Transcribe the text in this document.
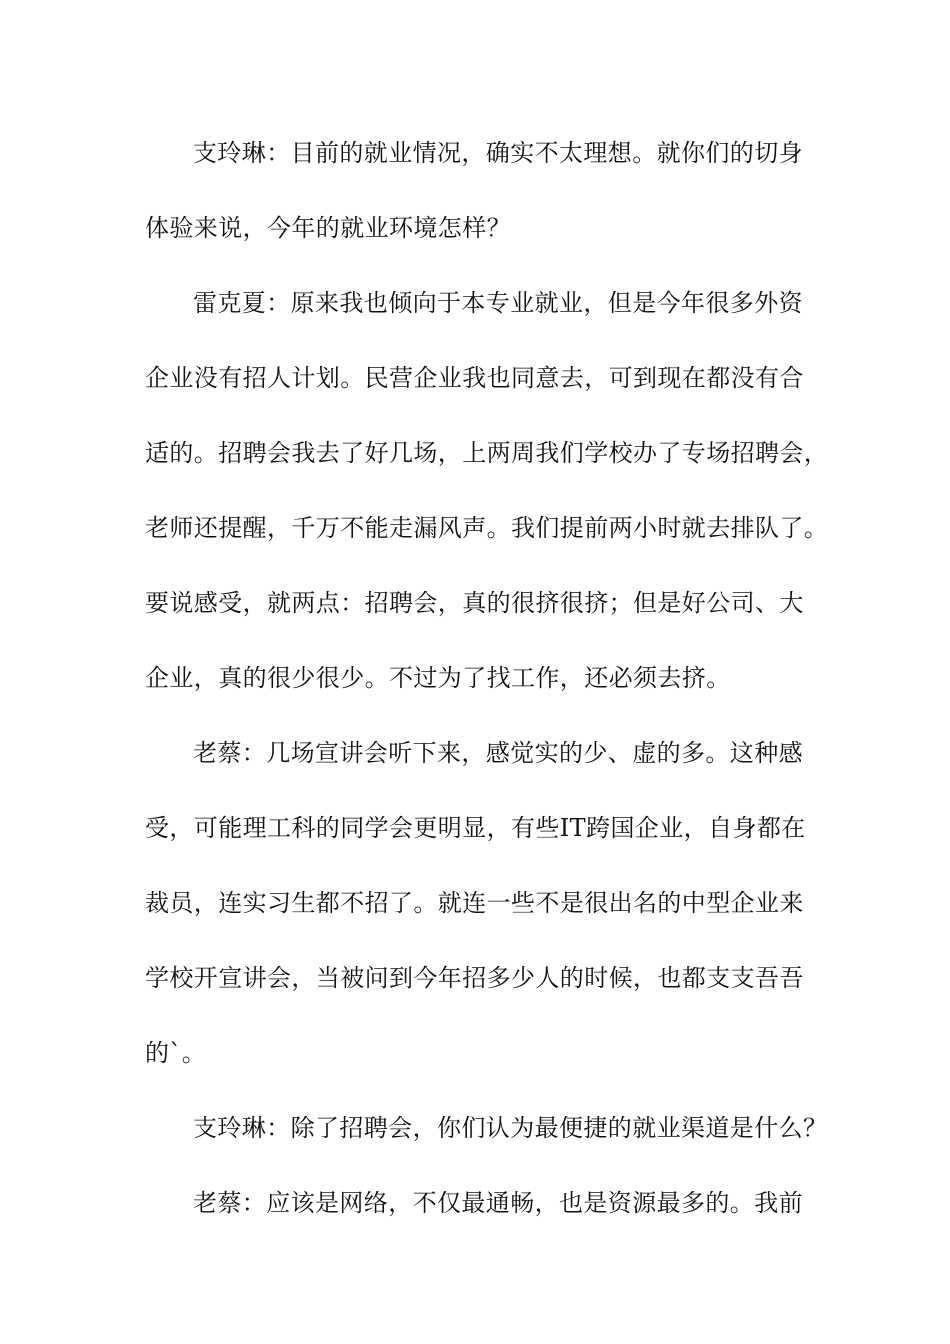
支玲琳：目前的就业情况，确实不太理想。就你们的切身
体验来说，今年的就业环境怎样？
雷克夏：原来我也倾向于本专业就业，但是今年很多外资
企业没有招人计划。民营企业我也同意去，可到现在都没有合
适的。招聘会我去了好几场，上两周我们学校办了专场招聘会，
老师还提醒，千万不能走漏风声。我们提前两小时就去排队了。
要说感受，就两点：招聘会，真的很挤很挤；但是好公司、大
企业，真的很少很少。不过为了找工作，还必须去挤。
老蔡：几场宣讲会听下来，感觉实的少、虚的多。这种感
受，可能理工科的同学会更明显，有些IT跨国企业，自身都在
裁员，连实习生都不招了。就连一些不是很出名的中型企业来
学校开宣讲会，当被问到今年招多少人的时候，也都支支吾吾
的`。
支玲琳：除了招聘会，你们认为最便捷的就业渠道是什么？
老蔡：应该是网络，不仅最通畅，也是资源最多的。我前
